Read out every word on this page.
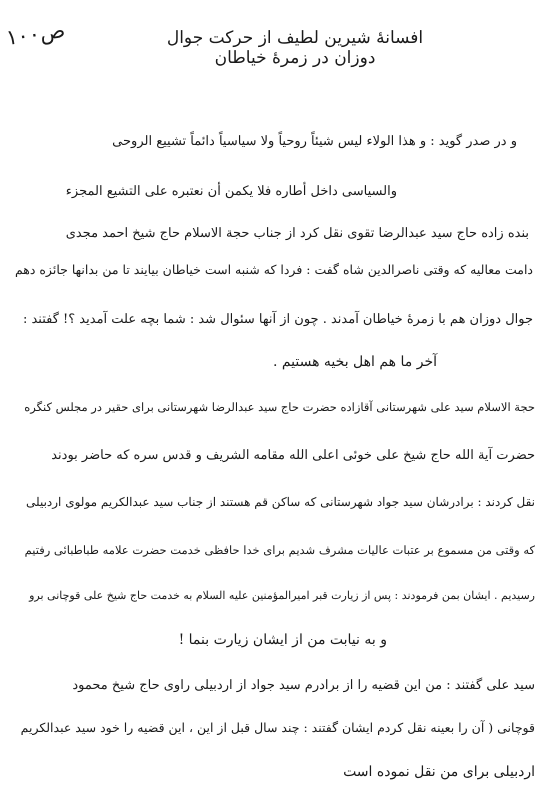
ص۱۰۰	افسانهٔ شیرین لطیف از حرکت جوال دوزان در زمرهٔ خیاطان
و در صدر گوید : و هذا الولاء لیس شیئاً روحیاً ولا سیاسیاً دائماً تشییع الروحی
والسیاسی داخل أطاره فلا یکمن أن نعتبره علی التشیع المجزء
بنده زاده حاج سید عبدالرضا تقوی نقل کرد از جناب حجة الاسلام حاج شیخ احمد مجدی
دامت معالیه که وقتی ناصرالدین شاه گفت : فردا که شنبه است خیاطان بیایند تا من بدانها جائزه دهم
جوال دوزان هم با زمرهٔ خیاطان آمدند . چون از آنها سئوال شد : شما بچه علت آمدید ؟! گفتند :
آخر ما هم اهل بخیه هستیم .
حجة الاسلام سید علی شهرستانی آقازاده حضرت حاج سید عبدالرضا شهرستانی برای حقیر در مجلس کنگره
حضرت آیة الله حاج شیخ علی خوئی اعلی الله مقامه الشریف و قدس سره که حاضر بودند
نقل کردند : برادرشان سید جواد شهرستانی که ساکن قم هستند از جناب سید عبدالکریم مولوی اردبیلی
که وقتی من مسموع بر عتبات عالیات مشرف شدیم برای خدا حافظی خدمت حضرت علامه طباطبائی رفتیم
رسیدیم . ایشان بمن فرمودند : پس از زیارت قبر امیرالمؤمنین علیه السلام به خدمت حاج شیخ علی قوچانی برو
و به نیابت من از ایشان زیارت بنما !
سید علی گفتند : من این قضیه را از برادرم سید جواد از اردبیلی راوی حاج شیخ محمود
قوچانی ( آن را بعینه نقل کردم ایشان گفتند : چند سال قبل از این ، این قضیه را خود سید عبدالکریم
اردبیلی برای من نقل نموده است
